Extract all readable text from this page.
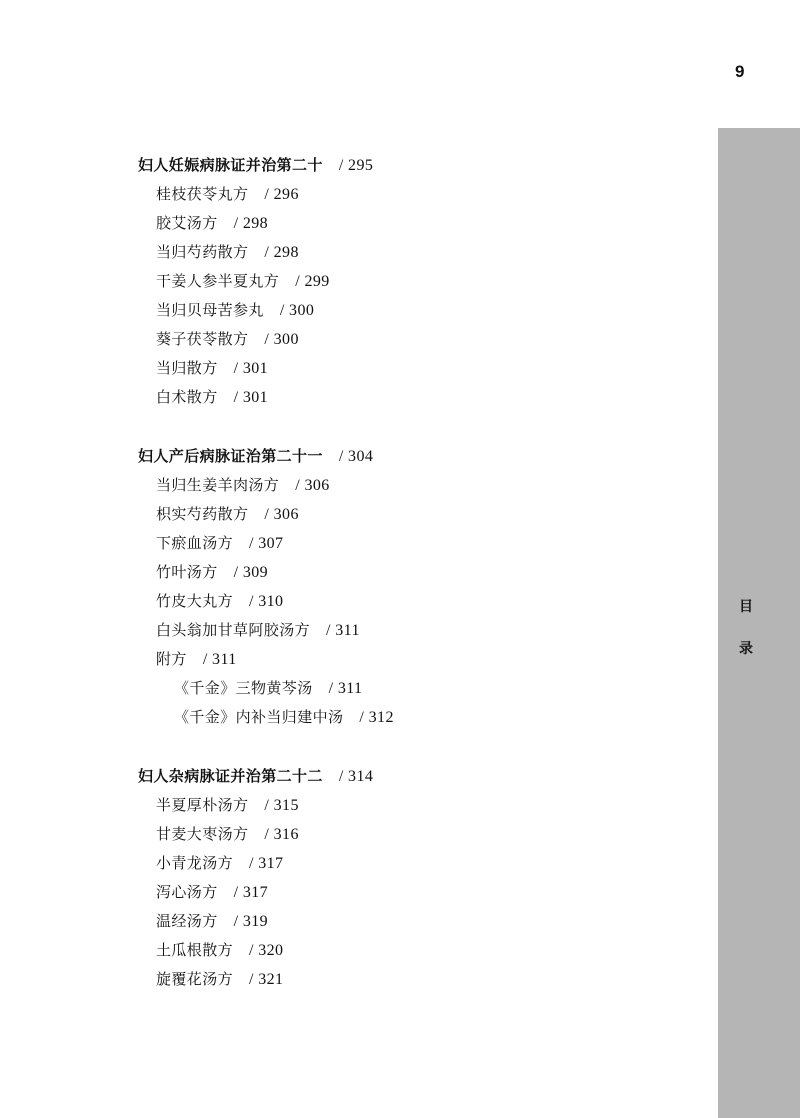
9
目
录
妇人妊娠病脉证并治第二十 / 295
桂枝茯苓丸方 / 296
胶艾汤方 / 298
当归芍药散方 / 298
干姜人参半夏丸方 / 299
当归贝母苦参丸 / 300
葵子茯苓散方 / 300
当归散方 / 301
白术散方 / 301
妇人产后病脉证治第二十一 / 304
当归生姜羊肉汤方 / 306
枳实芍药散方 / 306
下瘀血汤方 / 307
竹叶汤方 / 309
竹皮大丸方 / 310
白头翁加甘草阿胶汤方 / 311
附方 / 311
《千金》三物黄芩汤 / 311
《千金》内补当归建中汤 / 312
妇人杂病脉证并治第二十二 / 314
半夏厚朴汤方 / 315
甘麦大枣汤方 / 316
小青龙汤方 / 317
泻心汤方 / 317
温经汤方 / 319
土瓜根散方 / 320
旋覆花汤方 / 321
